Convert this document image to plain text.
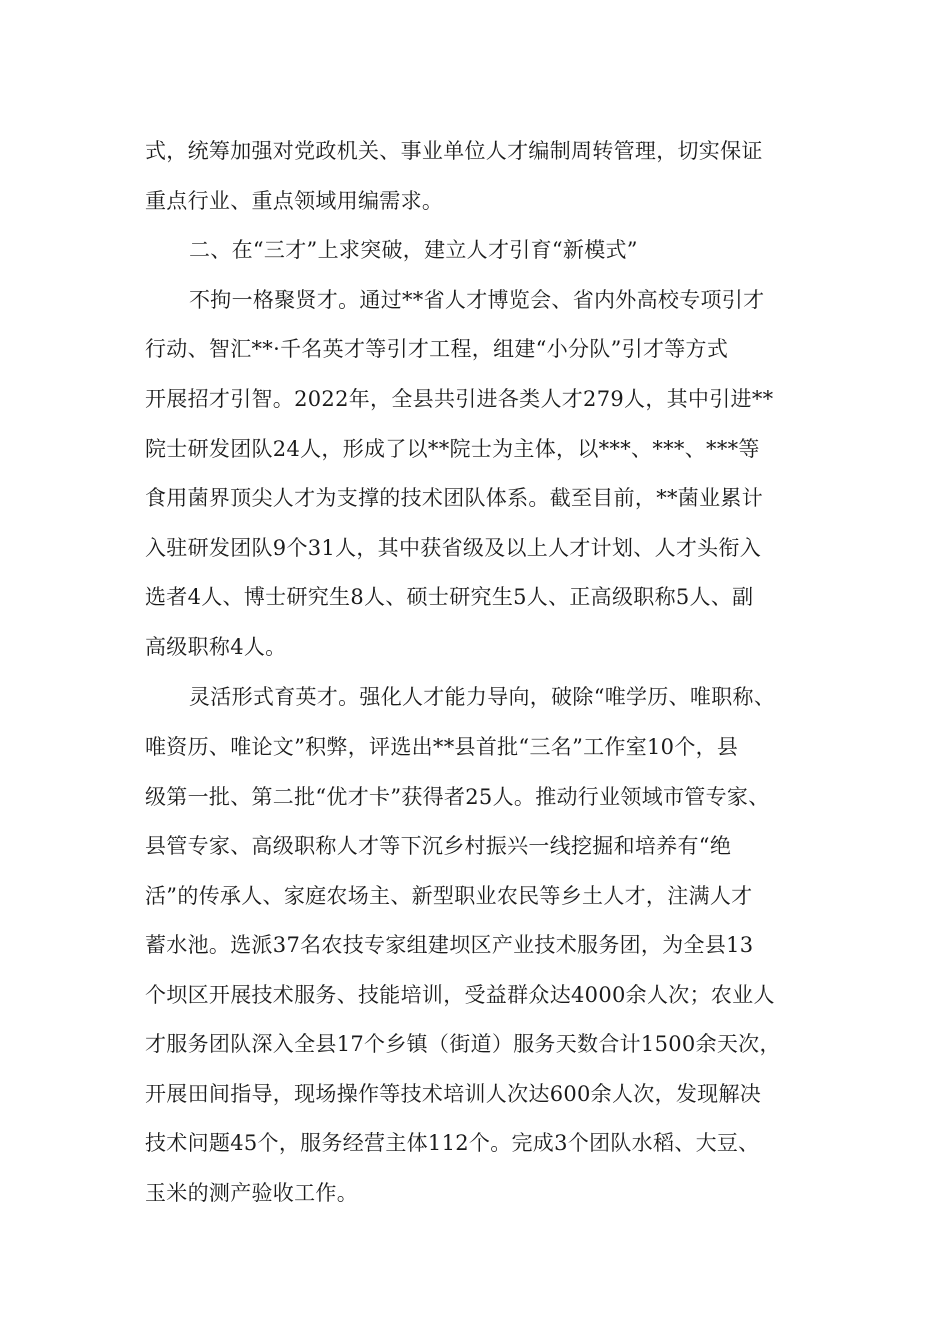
式，统筹加强对党政机关、事业单位人才编制周转管理，切实保证
重点行业、重点领域用编需求。
二、在“三才”上求突破，建立人才引育“新模式”
不拘一格聚贤才。通过**省人才博览会、省内外高校专项引才
行动、智汇**·千名英才等引才工程，组建“小分队”引才等方式
开展招才引智。2022年，全县共引进各类人才279人，其中引进**
院士研发团队24人，形成了以**院士为主体，以***、***、***等
食用菌界顶尖人才为支撑的技术团队体系。截至目前，**菌业累计
入驻研发团队9个31人，其中获省级及以上人才计划、人才头衔入
选者4人、博士研究生8人、硕士研究生5人、正高级职称5人、副
高级职称4人。
灵活形式育英才。强化人才能力导向，破除“唯学历、唯职称、
唯资历、唯论文”积弊，评选出**县首批“三名”工作室10个，县
级第一批、第二批“优才卡”获得者25人。推动行业领域市管专家、
县管专家、高级职称人才等下沉乡村振兴一线挖掘和培养有“绝
活”的传承人、家庭农场主、新型职业农民等乡土人才，注满人才
蓄水池。选派37名农技专家组建坝区产业技术服务团，为全县13
个坝区开展技术服务、技能培训，受益群众达4000余人次；农业人
才服务团队深入全县17个乡镇（街道）服务天数合计1500余天次，
开展田间指导，现场操作等技术培训人次达600余人次，发现解决
技术问题45个，服务经营主体112个。完成3个团队水稻、大豆、
玉米的测产验收工作。
